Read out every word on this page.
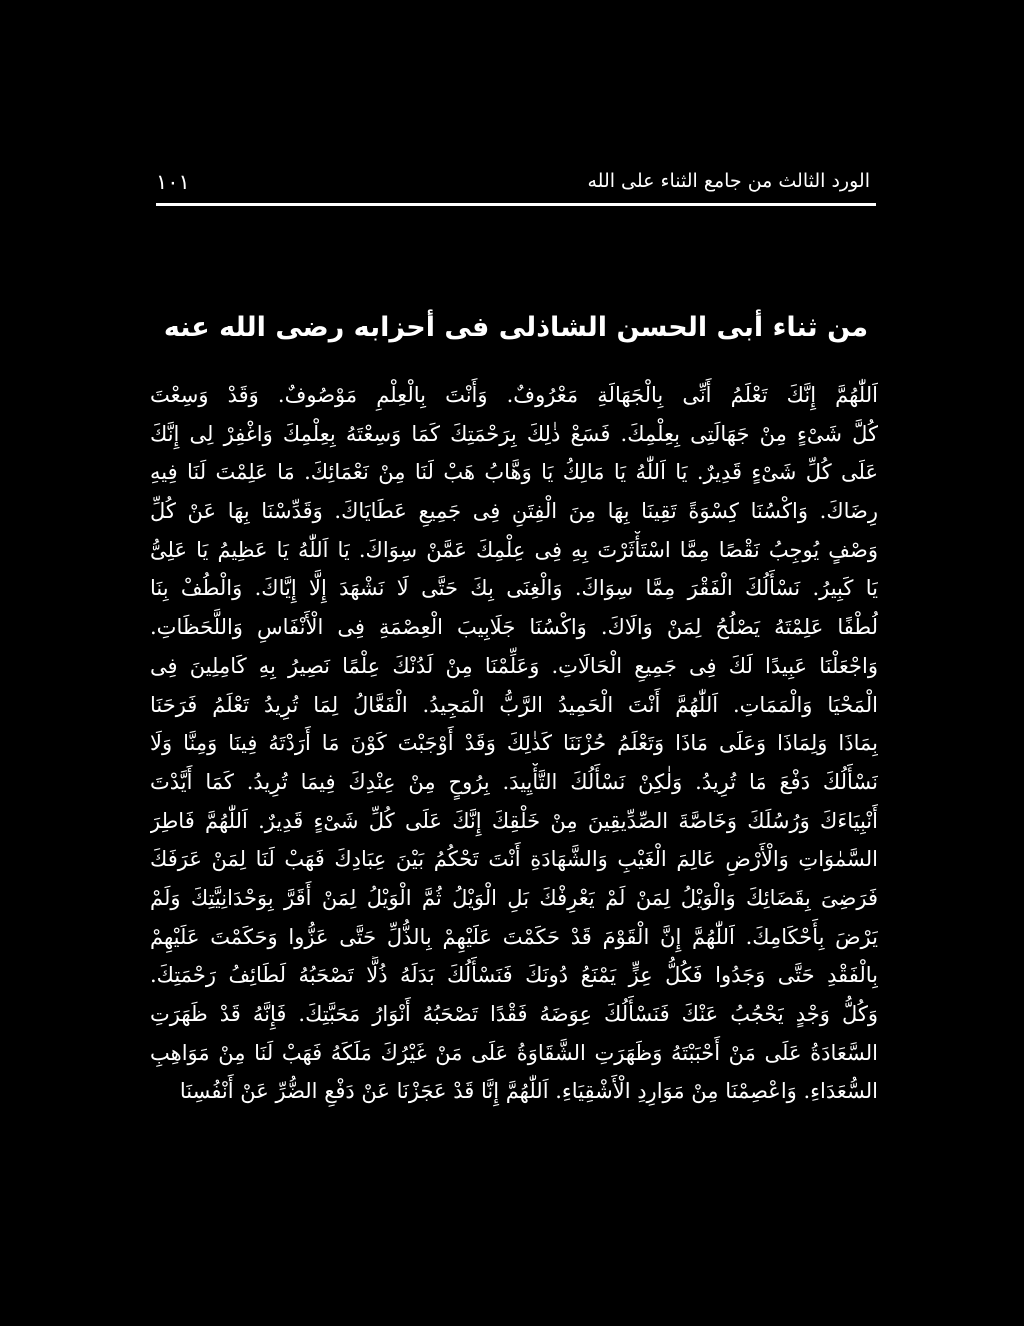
١٠١	الورد الثالث من جامع الثناء على الله
من ثناء أبى الحسن الشاذلى فى أحزابه رضى الله عنه
اَللّٰهُمَّ إِنَّكَ تَعْلَمُ أَنِّى بِالْجَهَالَةِ مَعْرُوفٌ. وَأَنْتَ بِالْعِلْمِ مَوْصُوفٌ. وَقَدْ وَسِعْتَ
كُلَّ شَىْءٍ مِنْ جَهَالَتِى بِعِلْمِكَ. فَسَعْ ذٰلِكَ بِرَحْمَتِكَ كَمَا وَسِعْتَهُ بِعِلْمِكَ وَاغْفِرْ لِى إِنَّكَ
عَلَى كُلِّ شَىْءٍ قَدِيرٌ. يَا اَللّٰهُ يَا مَالِكُ يَا وَهَّابُ هَبْ لَنَا مِنْ نَعْمَائِكَ. مَا عَلِمْتَ لَنَا فِيهِ
رِضَاكَ. وَاكْسُنَا كِسْوَةً تَقِينَا بِهَا مِنَ الْفِتَنِ فِى جَمِيعِ عَطَايَاكَ. وَقَدِّسْنَا بِهَا عَنْ كُلِّ
وَصْفٍ يُوجِبُ نَقْصًا مِمَّا اسْتَأْثَرْتَ بِهِ فِى عِلْمِكَ عَمَّنْ سِوَاكَ. يَا اَللّٰهُ يَا عَظِيمُ يَا عَلِىُّ
يَا كَبِيرُ. نَسْأَلُكَ الْفَقْرَ مِمَّا سِوَاكَ. وَالْغِنَى بِكَ حَتَّى لَا نَشْهَدَ إِلَّا إِيَّاكَ. وَالْطُفْ بِنَا
لُطْفًا عَلِمْتَهُ يَصْلُحُ لِمَنْ وَالَاكَ. وَاكْسُنَا جَلَابِيبَ الْعِصْمَةِ فِى الْأَنْفَاسِ وَاللَّحَظَاتِ.
وَاجْعَلْنَا عَبِيدًا لَكَ فِى جَمِيعِ الْحَالَاتِ. وَعَلِّمْنَا مِنْ لَدُنْكَ عِلْمًا نَصِيرُ بِهِ كَامِلِينَ فِى
الْمَحْيَا وَالْمَمَاتِ. اَللّٰهُمَّ أَنْتَ الْحَمِيدُ الرَّبُّ الْمَجِيدُ. الْفَعَّالُ لِمَا تُرِيدُ تَعْلَمُ فَرَحَنَا
بِمَاذَا وَلِمَاذَا وَعَلَى مَاذَا وَتَعْلَمُ حُزْنَنَا كَذٰلِكَ وَقَدْ أَوْجَبْتَ كَوْنَ مَا أَرَدْتَهُ فِينَا وَمِنَّا وَلَا
نَسْأَلُكَ دَفْعَ مَا تُرِيدُ. وَلٰكِنْ نَسْأَلُكَ التَّأْيِيدَ. بِرُوحٍ مِنْ عِنْدِكَ فِيمَا تُرِيدُ. كَمَا أَيَّدْتَ
أَنْبِيَاءَكَ وَرُسُلَكَ وَخَاصَّةَ الصِّدِّيقِينَ مِنْ خَلْقِكَ إِنَّكَ عَلَى كُلِّ شَىْءٍ قَدِيرٌ. اَللّٰهُمَّ فَاطِرَ
السَّمٰوَاتِ وَالْأَرْضِ عَالِمَ الْغَيْبِ وَالشَّهَادَةِ أَنْتَ تَحْكُمُ بَيْنَ عِبَادِكَ فَهَبْ لَنَا لِمَنْ عَرَفَكَ
فَرَضِىَ بِقَضَائِكَ وَالْوَيْلُ لِمَنْ لَمْ يَعْرِفْكَ بَلِ الْوَيْلُ ثُمَّ الْوَيْلُ لِمَنْ أَقَرَّ بِوَحْدَانِيَّتِكَ وَلَمْ
يَرْضَ بِأَحْكَامِكَ. اَللّٰهُمَّ إِنَّ الْقَوْمَ قَدْ حَكَمْتَ عَلَيْهِمْ بِالذُّلِّ حَتَّى عَزُّوا وَحَكَمْتَ عَلَيْهِمْ
بِالْفَقْدِ حَتَّى وَجَدُوا فَكُلُّ عِزٍّ يَمْنَعُ دُونَكَ فَنَسْأَلُكَ بَدَلَهُ ذُلًّا تَصْحَبُهُ لَطَائِفُ رَحْمَتِكَ.
وَكُلُّ وَجْدٍ يَحْجُبُ عَنْكَ فَنَسْأَلُكَ عِوَضَهُ فَقْدًا تَصْحَبُهُ أَنْوَارُ مَحَبَّتِكَ. فَإِنَّهُ قَدْ ظَهَرَتِ
السَّعَادَةُ عَلَى مَنْ أَحْبَبْتَهُ وَظَهَرَتِ الشَّقَاوَةُ عَلَى مَنْ غَيْرُكَ مَلَكَهُ فَهَبْ لَنَا مِنْ مَوَاهِبِ
السُّعَدَاءِ. وَاعْصِمْنَا مِنْ مَوَارِدِ الْأَشْقِيَاءِ. اَللّٰهُمَّ إِنَّا قَدْ عَجَزْنَا عَنْ دَفْعِ الضُّرِّ عَنْ أَنْفُسِنَا
